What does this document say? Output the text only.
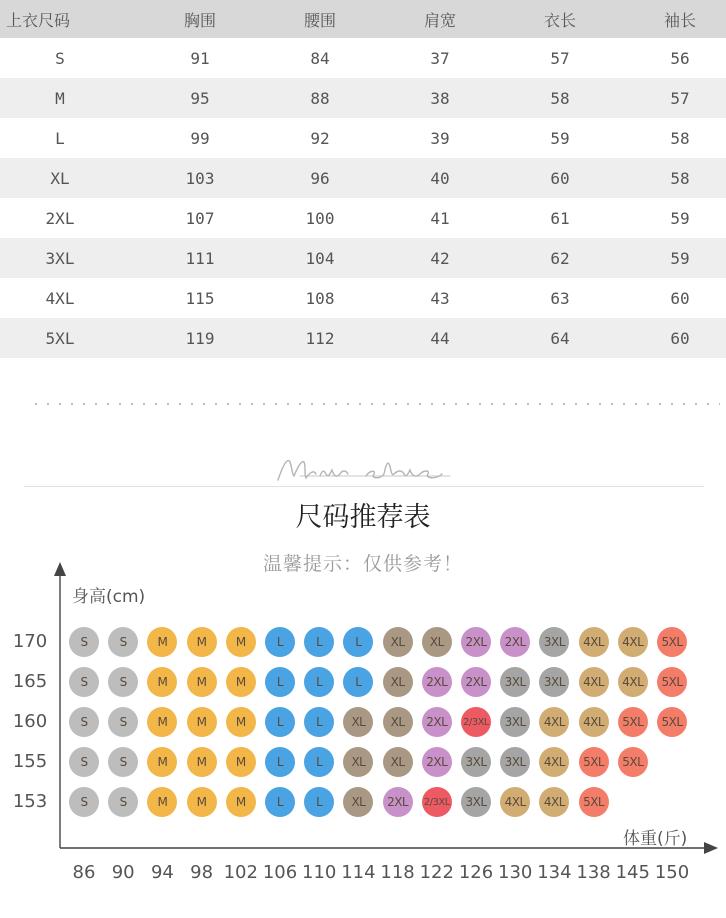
上衣尺码	胸围	腰围	肩宽	衣长	袖长
S	91	84	37	57	56
M	95	88	38	58	57
L	99	92	39	59	58
XL	103	96	40	60	58
2XL	107	100	41	61	59
3XL	111	104	42	62	59
4XL	115	108	43	63	60
5XL	119	112	44	64	60
尺码推荐表
温馨提示：仅供参考！
身高(cm)
体重(斤)
170
165
160
155
153
86 90 94 98 102 106 110 114 118 122 126 130 134 138 145 150
S	S	M	M	M	L	L	L	XL	XL	2XL	2XL	3XL	4XL	4XL	5XL
S	S	M	M	M	L	L	L	XL	2XL	2XL	3XL	3XL	4XL	4XL	5XL
S	S	M	M	M	L	L	XL	XL	2XL	2/3XL	3XL	4XL	4XL	5XL	5XL
S	S	M	M	M	L	L	XL	XL	2XL	3XL	3XL	4XL	5XL	5XL
S	S	M	M	M	L	L	XL	2XL	2/3XL	3XL	4XL	4XL	5XL
